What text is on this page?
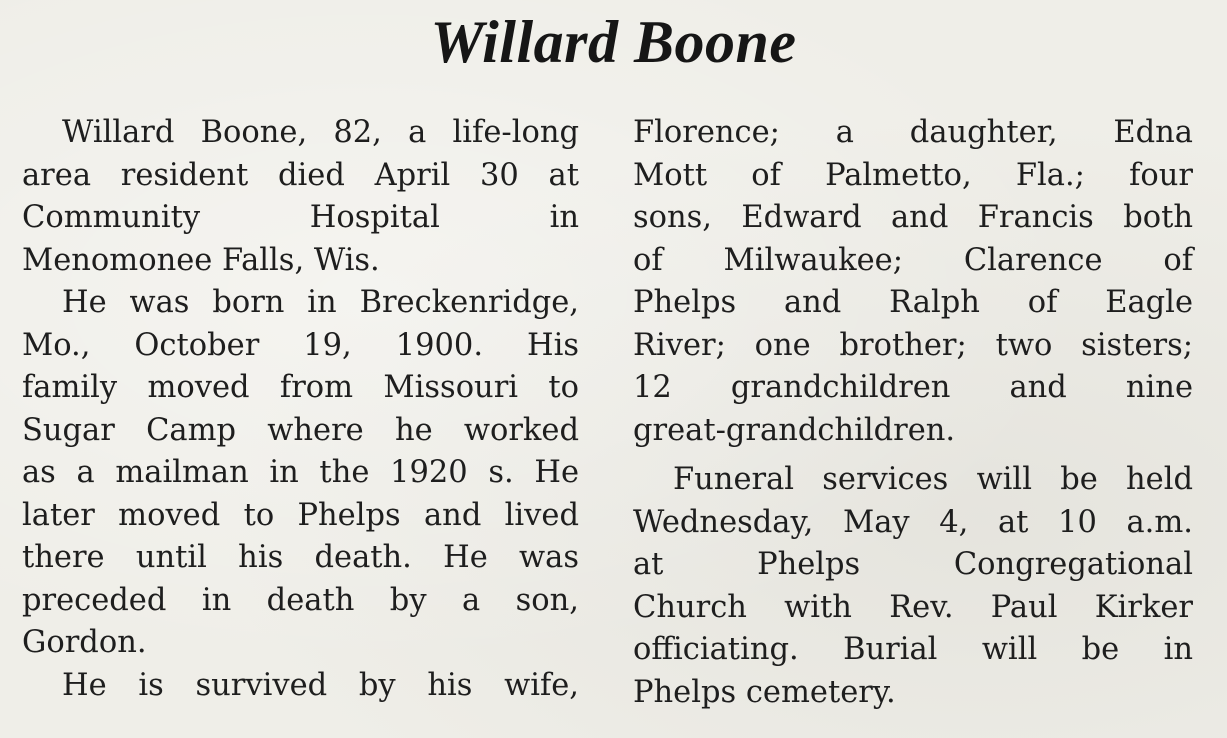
Willard Boone
Willard Boone, 82, a life-long
area resident died April 30 at
Community Hospital in
Menomonee Falls, Wis.
He was born in Breckenridge,
Mo., October 19, 1900. His
family moved from Missouri to
Sugar Camp where he worked
as a mailman in the 1920 s. He
later moved to Phelps and lived
there until his death. He was
preceded in death by a son,
Gordon.
He is survived by his wife,
Florence; a daughter, Edna
Mott of Palmetto, Fla.; four
sons, Edward and Francis both
of Milwaukee; Clarence of
Phelps and Ralph of Eagle
River; one brother; two sisters;
12 grandchildren and nine
great-grandchildren.
Funeral services will be held
Wednesday, May 4, at 10 a.m.
at Phelps Congregational
Church with Rev. Paul Kirker
officiating. Burial will be in
Phelps cemetery.
